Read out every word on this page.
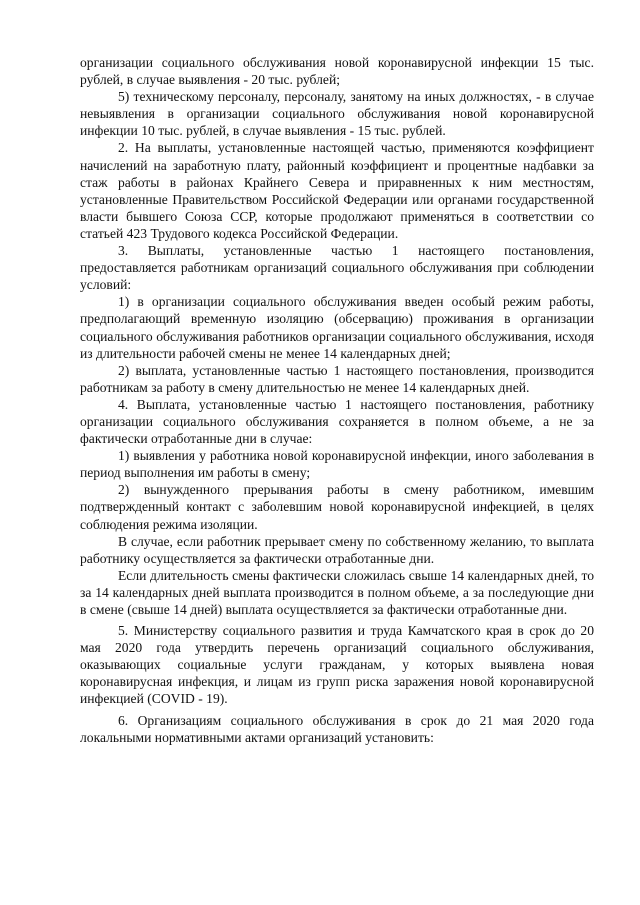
организации социального обслуживания новой коронавирусной инфекции 15 тыс. рублей, в случае выявления - 20 тыс. рублей;

5) техническому персоналу, персоналу, занятому на иных должностях, - в случае невыявления в организации социального обслуживания новой коронавирусной инфекции 10 тыс. рублей, в случае выявления - 15 тыс. рублей.

2. На выплаты, установленные настоящей частью, применяются коэффициент начислений на заработную плату, районный коэффициент и процентные надбавки за стаж работы в районах Крайнего Севера и приравненных к ним местностям, установленные Правительством Российской Федерации или органами государственной власти бывшего Союза ССР, которые продолжают применяться в соответствии со статьей 423 Трудового кодекса Российской Федерации.

3. Выплаты, установленные частью 1 настоящего постановления, предоставляется работникам организаций социального обслуживания при соблюдении условий:

1) в организации социального обслуживания введен особый режим работы, предполагающий временную изоляцию (обсервацию) проживания в организации социального обслуживания работников организации социального обслуживания, исходя из длительности рабочей смены не менее 14 календарных дней;

2) выплата, установленные частью 1 настоящего постановления, производится работникам за работу в смену длительностью не менее 14 календарных дней.

4. Выплата, установленные частью 1 настоящего постановления, работнику организации социального обслуживания сохраняется в полном объеме, а не за фактически отработанные дни в случае:

1) выявления у работника новой коронавирусной инфекции, иного заболевания в период выполнения им работы в смену;

2) вынужденного прерывания работы в смену работником, имевшим подтвержденный контакт с заболевшим новой коронавирусной инфекцией, в целях соблюдения режима изоляции.

В случае, если работник прерывает смену по собственному желанию, то выплата работнику осуществляется за фактически отработанные дни.

Если длительность смены фактически сложилась свыше 14 календарных дней, то за 14 календарных дней выплата производится в полном объеме, а за последующие дни в смене (свыше 14 дней) выплата осуществляется за фактически отработанные дни.

5. Министерству социального развития и труда Камчатского края в срок до 20 мая 2020 года утвердить перечень организаций социального обслуживания, оказывающих социальные услуги гражданам, у которых выявлена новая коронавирусная инфекция, и лицам из групп риска заражения новой коронавирусной инфекцией (COVID - 19).

6. Организациям социального обслуживания в срок до 21 мая 2020 года локальными нормативными актами организаций установить:
